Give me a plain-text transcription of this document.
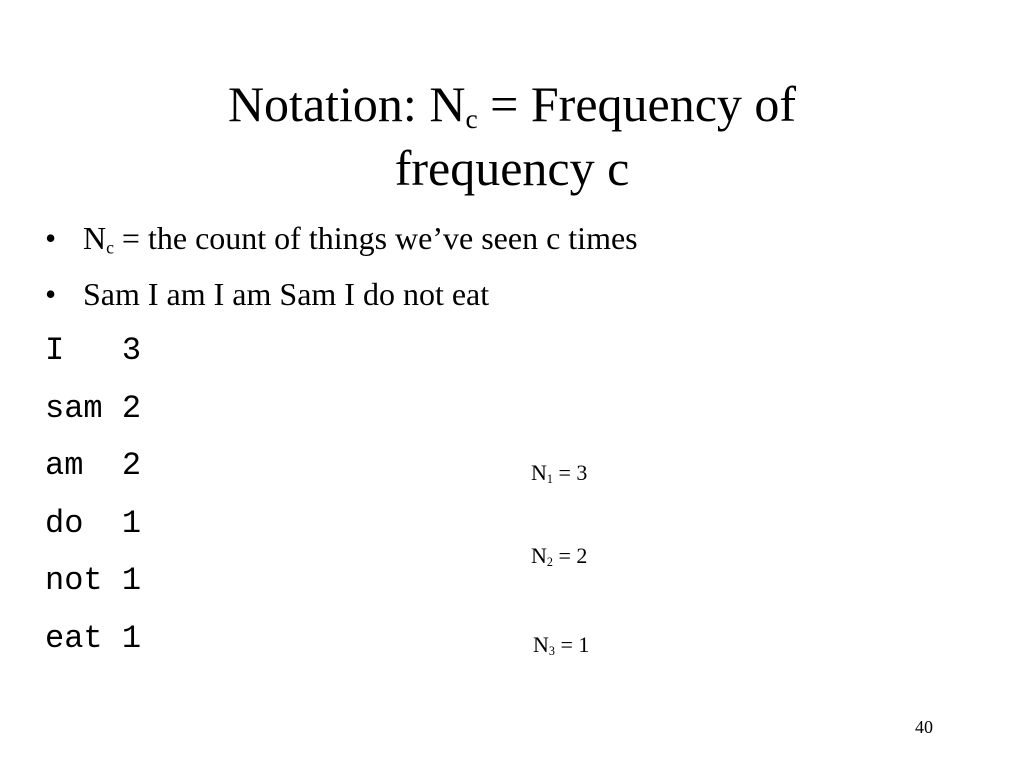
Notation: $N_c$ = Frequency of
frequency c
• $N_c$ = the count of things we’ve seen c times
• Sam I am I am Sam I do not eat
I 3
sam 2
am 2
do 1
not 1
eat 1
$N_1 = 3$
$N_2 = 2$
$N_3 = 1$
40
